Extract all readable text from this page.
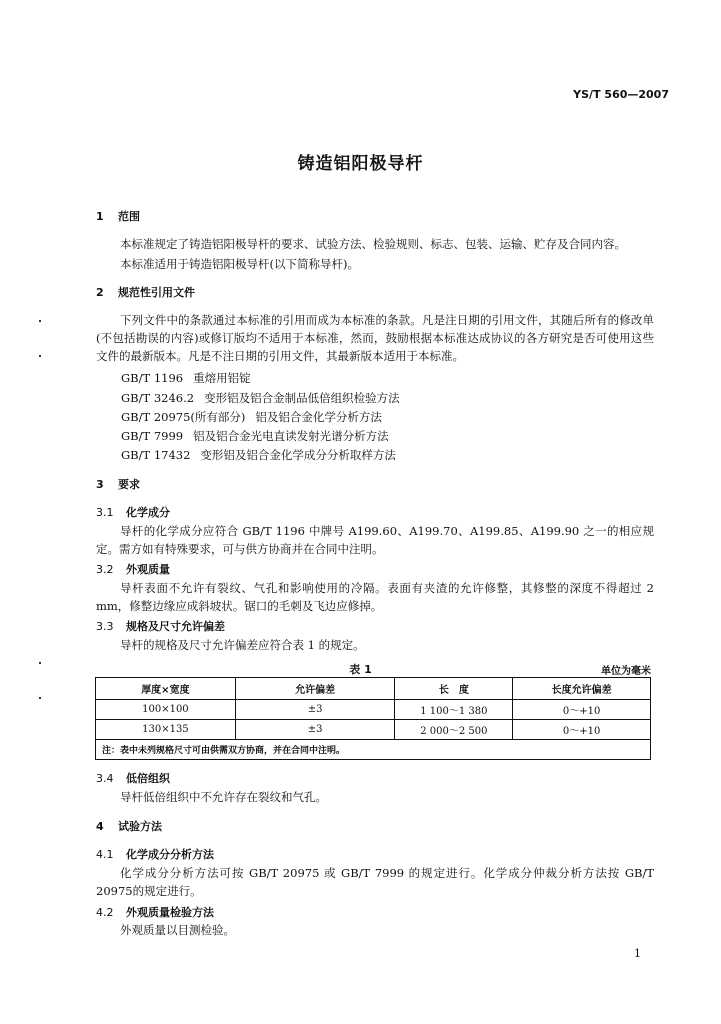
YS/T 560—2007
铸造铝阳极导杆
1 范围
本标准规定了铸造铝阳极导杆的要求、试验方法、检验规则、标志、包装、运输、贮存及合同内容。
本标准适用于铸造铝阳极导杆(以下简称导杆)。
2 规范性引用文件
下列文件中的条款通过本标准的引用而成为本标准的条款。凡是注日期的引用文件，其随后所有的修改单(不包括勘误的内容)或修订版均不适用于本标准，然而，鼓励根据本标准达成协议的各方研究是否可使用这些文件的最新版本。凡是不注日期的引用文件，其最新版本适用于本标准。
GB/T 1196 重熔用铝锭
GB/T 3246.2 变形铝及铝合金制品低倍组织检验方法
GB/T 20975(所有部分) 铝及铝合金化学分析方法
GB/T 7999 铝及铝合金光电直读发射光谱分析方法
GB/T 17432 变形铝及铝合金化学成分分析取样方法
3 要求
3.1 化学成分
导杆的化学成分应符合 GB/T 1196 中牌号 A199.60、A199.70、A199.85、A199.90 之一的相应规定。需方如有特殊要求，可与供方协商并在合同中注明。
3.2 外观质量
导杆表面不允许有裂纹、气孔和影响使用的冷隔。表面有夹渣的允许修整，其修整的深度不得超过 2 mm，修整边缘应成斜坡状。锯口的毛刺及飞边应修掉。
3.3 规格及尺寸允许偏差
导杆的规格及尺寸允许偏差应符合表 1 的规定。
表 1	单位为毫米
厚度×宽度	允许偏差	长　度	长度允许偏差
100×100	±3	1 100～1 380	0～+10
130×135	±3	2 000～2 500	0～+10
注：表中未列规格尺寸可由供需双方协商，并在合同中注明。			
3.4 低倍组织
导杆低倍组织中不允许存在裂纹和气孔。
4 试验方法
4.1 化学成分分析方法
化学成分分析方法可按 GB/T 20975 或 GB/T 7999 的规定进行。化学成分仲裁分析方法按 GB/T 20975的规定进行。
4.2 外观质量检验方法
外观质量以目测检验。
1
